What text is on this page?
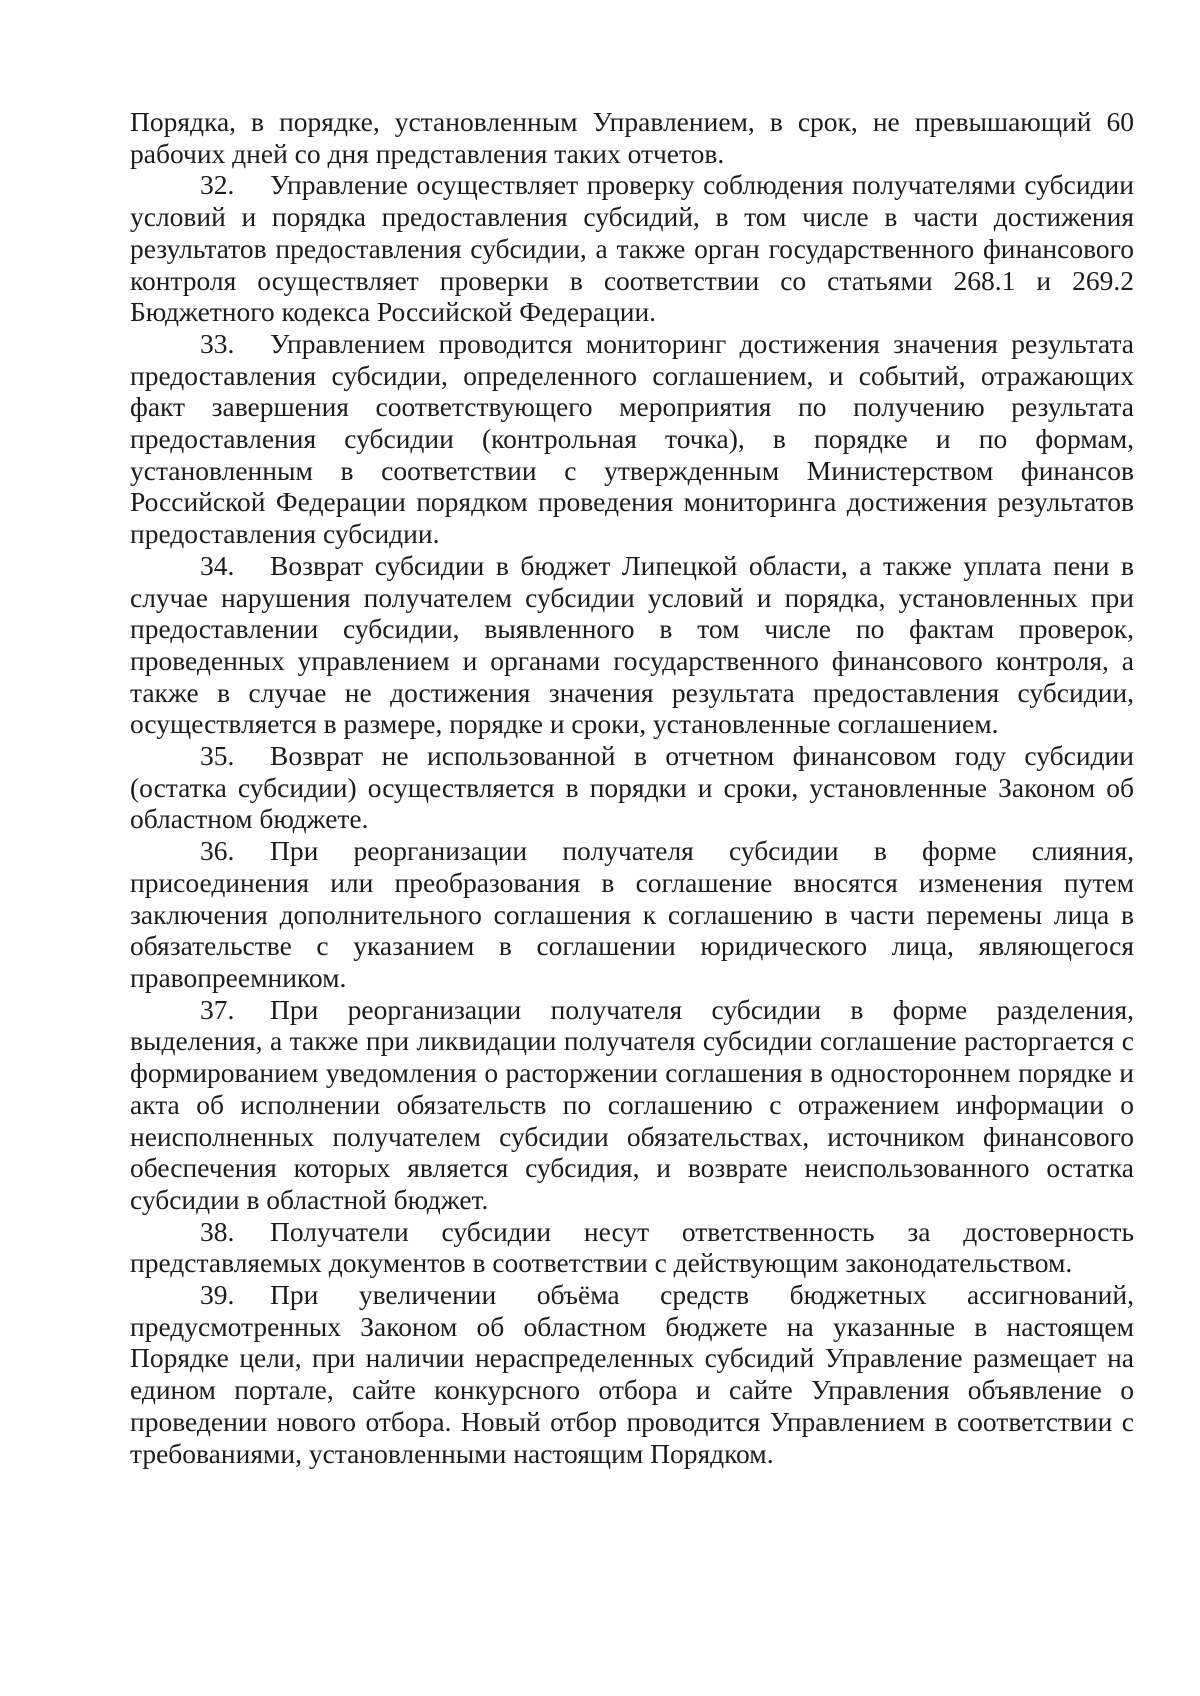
Порядка, в порядке, установленным Управлением, в срок, не превышающий 60 рабочих дней со дня представления таких отчетов.

32. Управление осуществляет проверку соблюдения получателями субсидии условий и порядка предоставления субсидий, в том числе в части достижения результатов предоставления субсидии, а также орган государственного финансового контроля осуществляет проверки в соответствии со статьями 268.1 и 269.2 Бюджетного кодекса Российской Федерации.

33. Управлением проводится мониторинг достижения значения результата предоставления субсидии, определенного соглашением, и событий, отражающих факт завершения соответствующего мероприятия по получению результата предоставления субсидии (контрольная точка), в порядке и по формам, установленным в соответствии с утвержденным Министерством финансов Российской Федерации порядком проведения мониторинга достижения результатов предоставления субсидии.

34. Возврат субсидии в бюджет Липецкой области, а также уплата пени в случае нарушения получателем субсидии условий и порядка, установленных при предоставлении субсидии, выявленного в том числе по фактам проверок, проведенных управлением и органами государственного финансового контроля, а также в случае не достижения значения результата предоставления субсидии, осуществляется в размере, порядке и сроки, установленные соглашением.

35. Возврат не использованной в отчетном финансовом году субсидии (остатка субсидии) осуществляется в порядки и сроки, установленные Законом об областном бюджете.

36. При реорганизации получателя субсидии в форме слияния, присоединения или преобразования в соглашение вносятся изменения путем заключения дополнительного соглашения к соглашению в части перемены лица в обязательстве с указанием в соглашении юридического лица, являющегося правопреемником.

37. При реорганизации получателя субсидии в форме разделения, выделения, а также при ликвидации получателя субсидии соглашение расторгается с формированием уведомления о расторжении соглашения в одностороннем порядке и акта об исполнении обязательств по соглашению с отражением информации о неисполненных получателем субсидии обязательствах, источником финансового обеспечения которых является субсидия, и возврате неиспользованного остатка субсидии в областной бюджет.

38. Получатели субсидии несут ответственность за достоверность представляемых документов в соответствии с действующим законодательством.

39. При увеличении объёма средств бюджетных ассигнований, предусмотренных Законом об областном бюджете на указанные в настоящем Порядке цели, при наличии нераспределенных субсидий Управление размещает на едином портале, сайте конкурсного отбора и сайте Управления объявление о проведении нового отбора. Новый отбор проводится Управлением в соответствии с требованиями, установленными настоящим Порядком.
